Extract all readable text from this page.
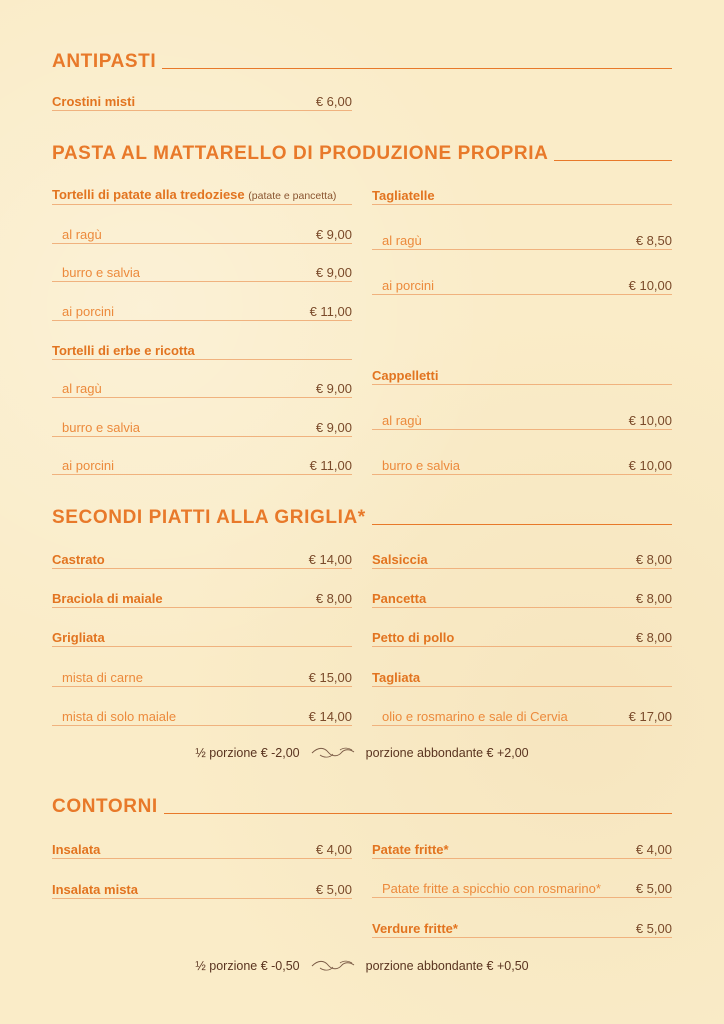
ANTIPASTI
Crostini misti	€ 6,00
PASTA AL MATTARELLO DI PRODUZIONE PROPRIA
Tortelli di patate alla tredoziese (patate e pancetta)
al ragù	€ 9,00
burro e salvia	€ 9,00
ai porcini	€ 11,00
Tortelli di erbe e ricotta
al ragù	€ 9,00
burro e salvia	€ 9,00
ai porcini	€ 11,00
Tagliatelle
al ragù	€ 8,50
ai porcini	€ 10,00
Cappelletti
al ragù	€ 10,00
burro e salvia	€ 10,00
SECONDI PIATTI ALLA GRIGLIA*
Castrato	€ 14,00
Braciola di maiale	€ 8,00
Grigliata
mista di carne	€ 15,00
mista di solo maiale	€ 14,00
Salsiccia	€ 8,00
Pancetta	€ 8,00
Petto di pollo	€ 8,00
Tagliata
olio e rosmarino e sale di Cervia	€ 17,00
½ porzione € -2,00	porzione abbondante € +2,00
CONTORNI
Insalata	€ 4,00
Insalata mista	€ 5,00
Patate fritte*	€ 4,00
Patate fritte a spicchio con rosmarino*	€ 5,00
Verdure fritte*	€ 5,00
½ porzione € -0,50	porzione abbondante € +0,50
